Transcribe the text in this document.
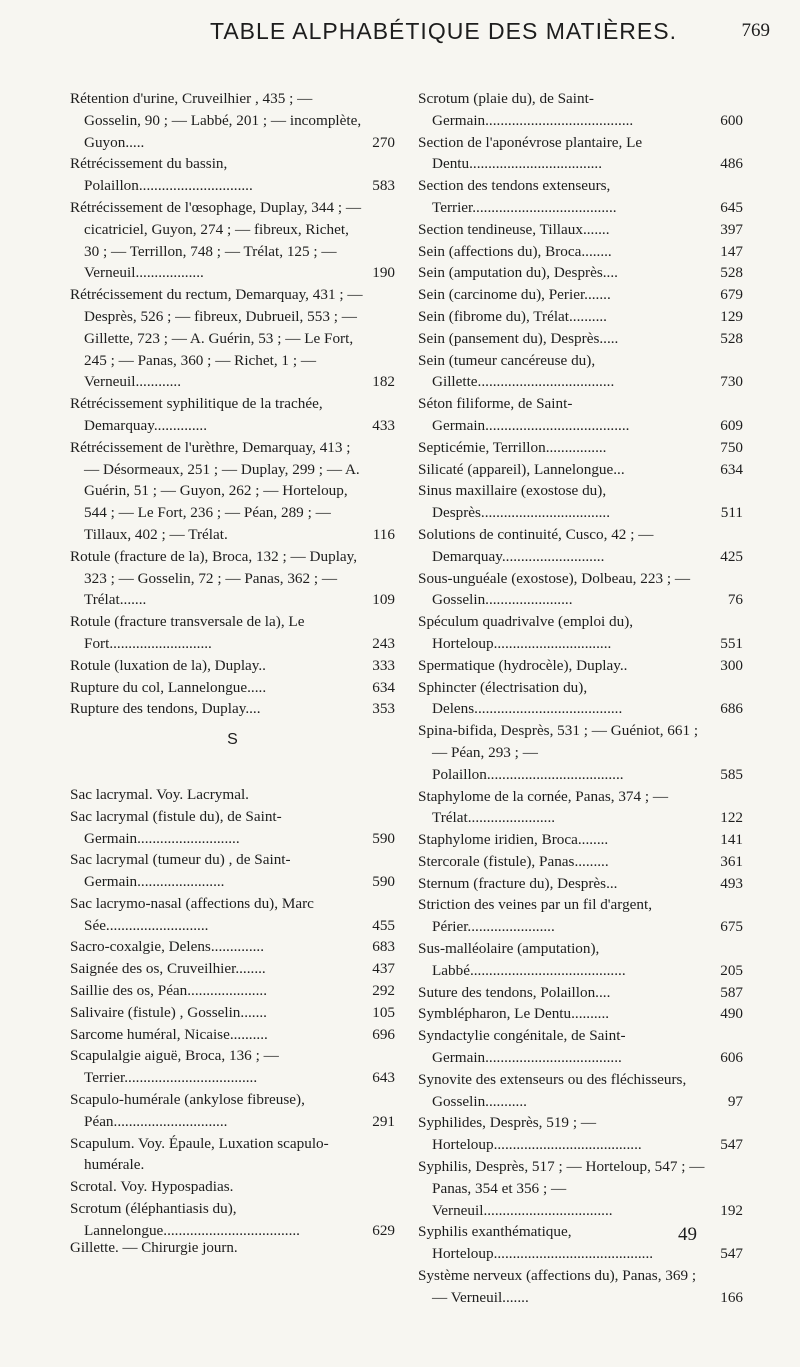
TABLE ALPHABÉTIQUE DES MATIÈRES.	769

Rétention d'urine, Cruveilhier , 435 ; — Gosselin, 90 ; — Labbé, 201 ; — incomplète, Guyon.....	270

Rétrécissement du bassin, Polaillon..............................	583

Rétrécissement de l'œsophage, Duplay, 344 ; — cicatriciel, Guyon, 274 ; — fibreux, Richet, 30 ; — Terrillon, 748 ; — Trélat, 125 ; — Verneuil..................	190

Rétrécissement du rectum, Demarquay, 431 ; — Desprès, 526 ; — fibreux, Dubrueil, 553 ; — Gillette, 723 ; — A. Guérin, 53 ; — Le Fort, 245 ; — Panas, 360 ; — Richet, 1 ; — Verneuil............	182

Rétrécissement syphilitique de la trachée, Demarquay..............	433

Rétrécissement de l'urèthre, Demarquay, 413 ; — Désormeaux, 251 ; — Duplay, 299 ; — A. Guérin, 51 ; — Guyon, 262 ; — Horteloup, 544 ; — Le Fort, 236 ; — Péan, 289 ; — Tillaux, 402 ; — Trélat.	116

Rotule (fracture de la), Broca, 132 ; — Duplay, 323 ; — Gosselin, 72 ; — Panas, 362 ; — Trélat.......	109

Rotule (fracture transversale de la), Le Fort...........................	243

Rotule (luxation de la), Duplay..	333

Rupture du col, Lannelongue.....	634

Rupture des tendons, Duplay....	353

S

Sac lacrymal. Voy. Lacrymal.

Sac lacrymal (fistule du), de Saint-Germain...........................	590

Sac lacrymal (tumeur du) , de Saint-Germain.......................	590

Sac lacrymo-nasal (affections du), Marc Sée...........................	455

Sacro-coxalgie, Delens..............	683

Saignée des os, Cruveilhier........	437

Saillie des os, Péan.....................	292

Salivaire (fistule) , Gosselin.......	105

Sarcome huméral, Nicaise..........	696

Scapulalgie aiguë, Broca, 136 ; — Terrier...................................	643

Scapulo-humérale (ankylose fibreuse), Péan..............................	291

Scapulum. Voy. Épaule, Luxation scapulo-humérale.

Scrotal. Voy. Hypospadias.

Scrotum (éléphantiasis du), Lannelongue....................................	629

Scrotum (plaie du), de Saint-Germain.......................................	600

Section de l'aponévrose plantaire, Le Dentu...................................	486

Section des tendons extenseurs, Terrier......................................	645

Section tendineuse, Tillaux.......	397

Sein (affections du), Broca........	147

Sein (amputation du), Desprès....	528

Sein (carcinome du), Perier.......	679

Sein (fibrome du), Trélat..........	129

Sein (pansement du), Desprès.....	528

Sein (tumeur cancéreuse du), Gillette....................................	730

Séton filiforme, de Saint-Germain......................................	609

Septicémie, Terrillon................	750

Silicaté (appareil), Lannelongue...	634

Sinus maxillaire (exostose du), Desprès..................................	511

Solutions de continuité, Cusco, 42 ; — Demarquay...........................	425

Sous-unguéale (exostose), Dolbeau, 223 ; — Gosselin.......................	76

Spéculum quadrivalve (emploi du), Horteloup...............................	551

Spermatique (hydrocèle), Duplay..	300

Sphincter (électrisation du), Delens.......................................	686

Spina-bifida, Desprès, 531 ; — Guéniot, 661 ; — Péan, 293 ; — Polaillon....................................	585

Staphylome de la cornée, Panas, 374 ; — Trélat.......................	122

Staphylome iridien, Broca........	141

Stercorale (fistule), Panas.........	361

Sternum (fracture du), Desprès...	493

Striction des veines par un fil d'argent, Périer.......................	675

Sus-malléolaire (amputation), Labbé.........................................	205

Suture des tendons, Polaillon....	587

Symblépharon, Le Dentu..........	490

Syndactylie congénitale, de Saint-Germain....................................	606

Synovite des extenseurs ou des fléchisseurs, Gosselin...........	97

Syphilides, Desprès, 519 ; — Horteloup.......................................	547

Syphilis, Desprès, 517 ; — Horteloup, 547 ; — Panas, 354 et 356 ; — Verneuil..................................	192

Syphilis exanthématique, Horteloup..........................................	547

Système nerveux (affections du), Panas, 369 ; — Verneuil.......	166

Gillette. — Chirurgie journ.
49
